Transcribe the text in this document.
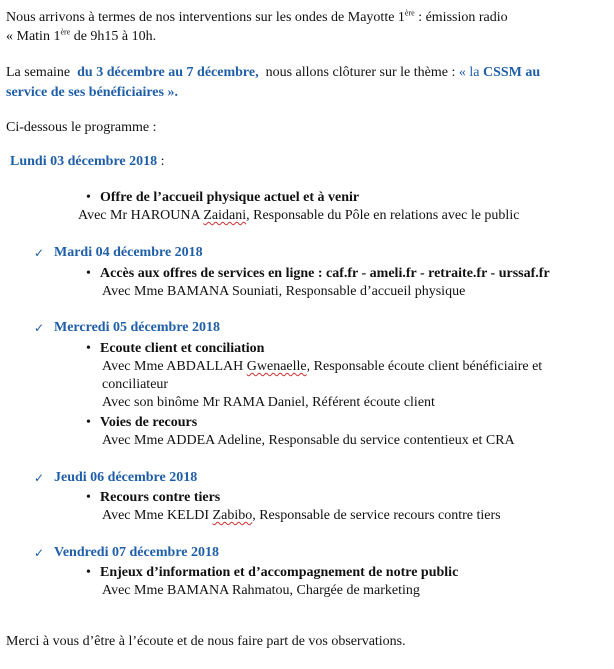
Nous arrivons à termes de nos interventions sur les ondes de Mayotte 1ère : émission radio
« Matin 1ère de 9h15 à 10h.
La semaine du 3 décembre au 7 décembre, nous allons clôturer sur le thème : « la CSSM au
service de ses bénéficiaires ».
Ci-dessous le programme :
Lundi 03 décembre 2018 :
• Offre de l’accueil physique actuel et à venir
Avec Mr HAROUNA Zaidani, Responsable du Pôle en relations avec le public
✓ Mardi 04 décembre 2018
• Accès aux offres de services en ligne : caf.fr - ameli.fr - retraite.fr - urssaf.fr
Avec Mme BAMANA Souniati, Responsable d’accueil physique
✓ Mercredi 05 décembre 2018
• Ecoute client et conciliation
Avec Mme ABDALLAH Gwenaelle, Responsable écoute client bénéficiaire et
conciliateur
Avec son binôme Mr RAMA Daniel, Référent écoute client
• Voies de recours
Avec Mme ADDEA Adeline, Responsable du service contentieux et CRA
✓ Jeudi 06 décembre 2018
• Recours contre tiers
Avec Mme KELDI Zabibo, Responsable de service recours contre tiers
✓ Vendredi 07 décembre 2018
• Enjeux d’information et d’accompagnement de notre public
Avec Mme BAMANA Rahmatou, Chargée de marketing
Merci à vous d’être à l’écoute et de nous faire part de vos observations.
